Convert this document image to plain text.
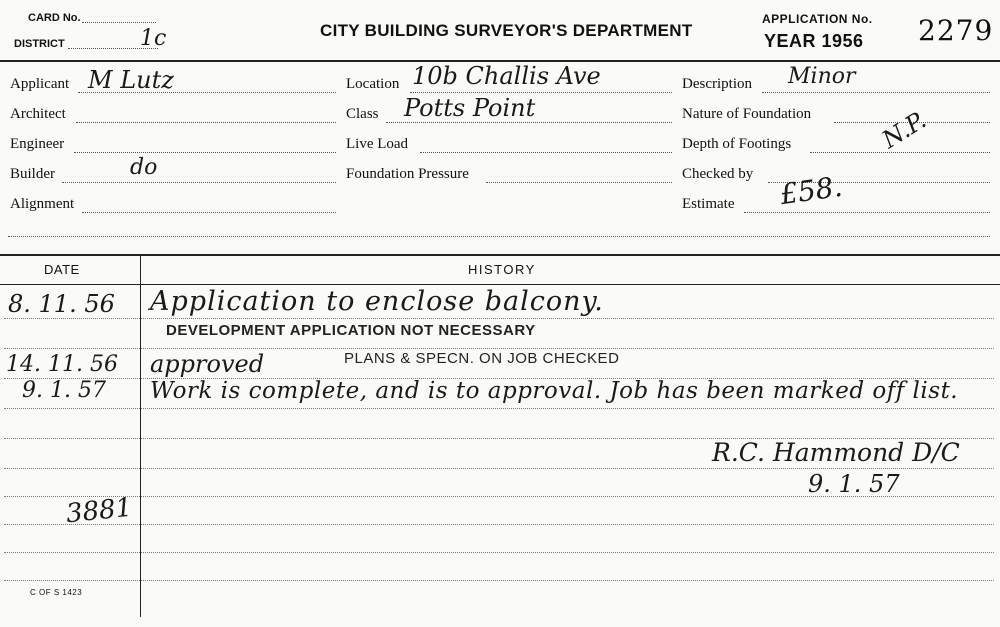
CARD No.
DISTRICT	1c	CITY BUILDING SURVEYOR'S DEPARTMENT
APPLICATION No.
YEAR 1956 2279
Applicant M Lutz
Architect
Engineer
Builder	do
Alignment
Location 10b Challis Ave
Class Potts Point
Live Load
Foundation Pressure
Description Minor
Nature of Foundation
Depth of Footings	N.P.
Checked by
Estimate £58.
DATE	HISTORY
8. 11. 56 Application to enclose balcony.
DEVELOPMENT APPLICATION NOT NECESSARY
14. 11. 56 approved	PLANS & SPECN. ON JOB CHECKED
9. 1. 57 Work is complete, and is to approval. Job has been marked off list.
R.C. Hammond D/C
9. 1. 57
3881
C OF S 1423
